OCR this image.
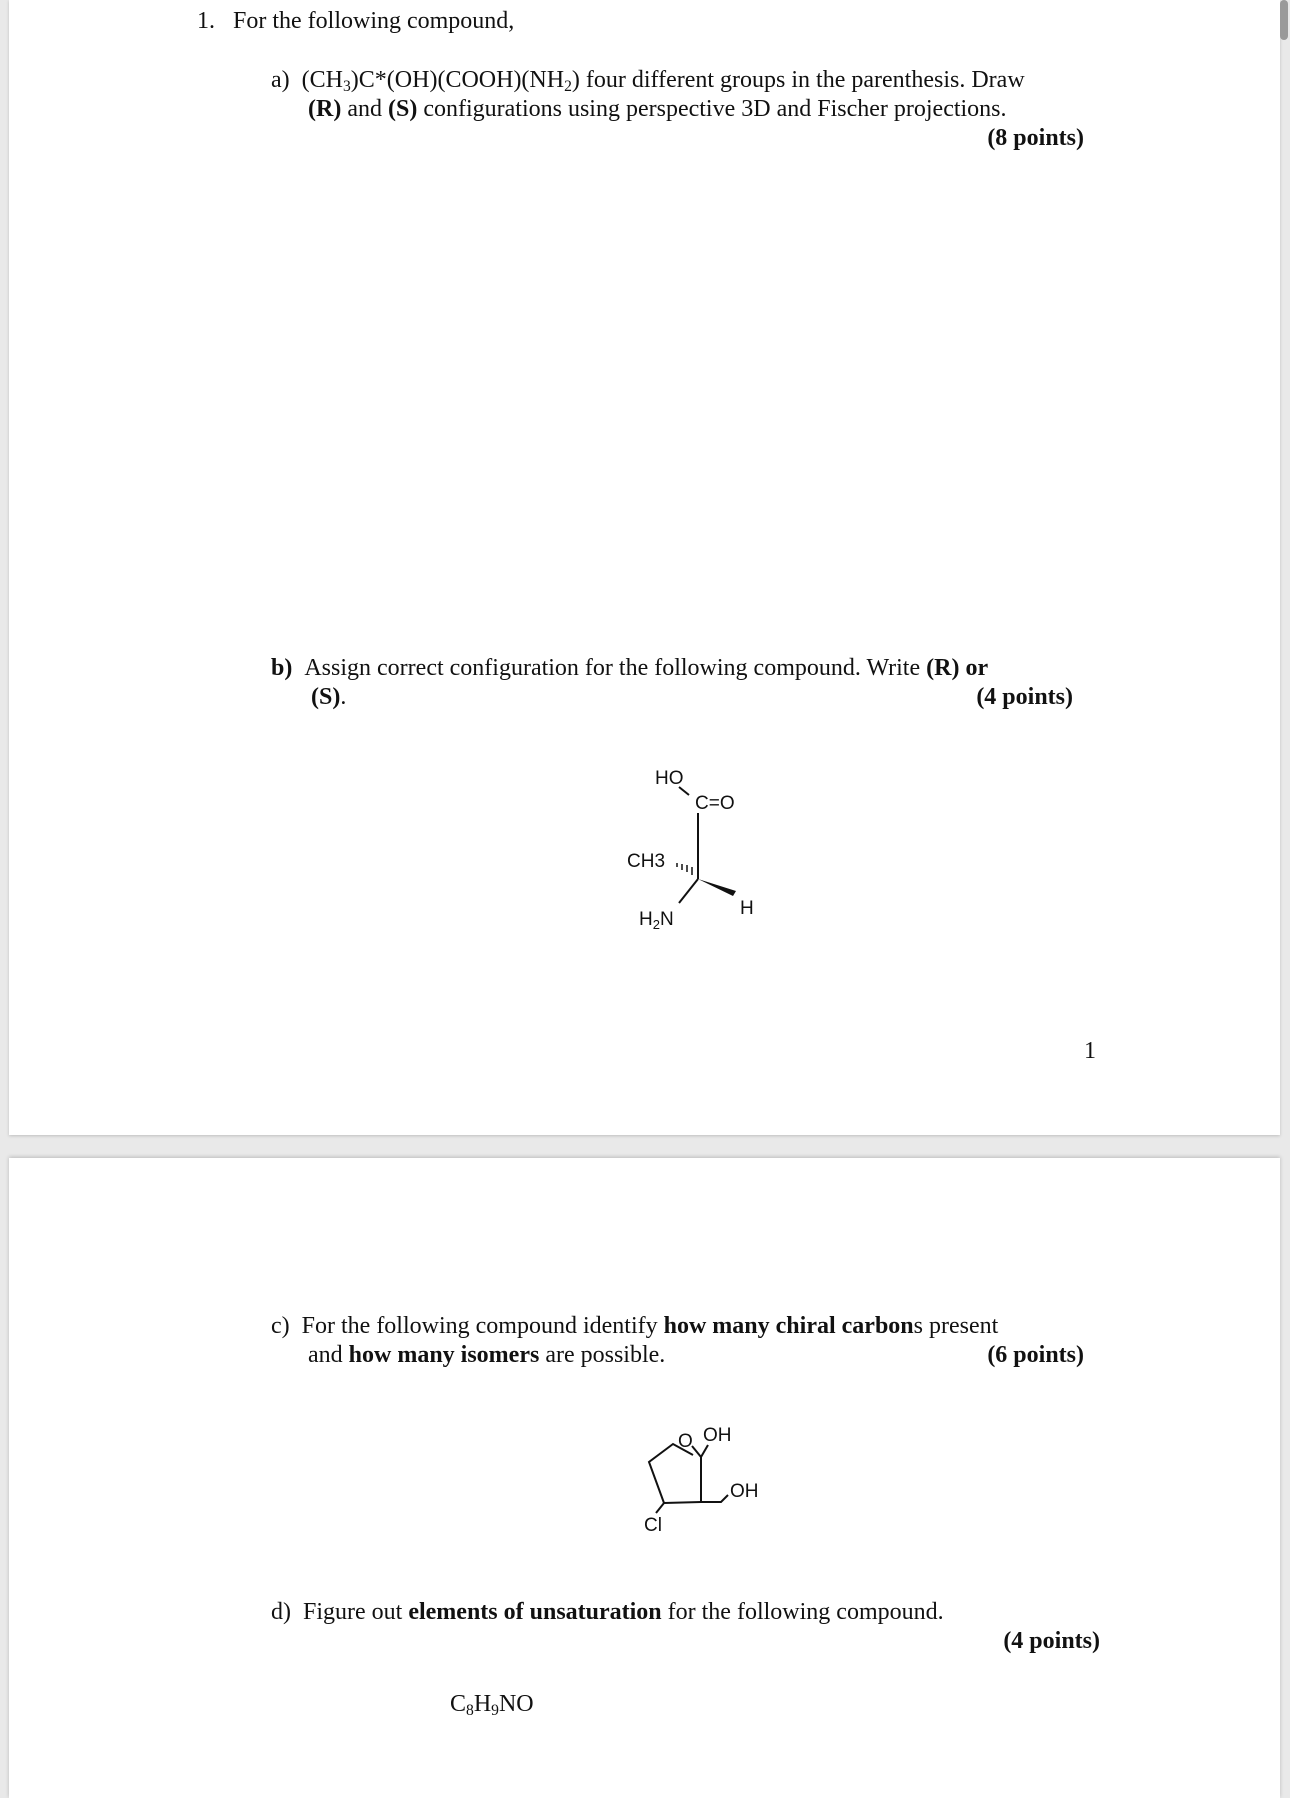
1. For the following compound,
a) $(CH_3)C*(OH)(COOH)(NH_2)$ four different groups in the parenthesis. Draw
(R) and (S) configurations using perspective 3D and Fischer projections.
(8 points)
b) Assign correct configuration for the following compound. Write (R) or
(S).	(4 points)
HO
C=O
CH3
H
$H_2N$
1
c) For the following compound identify how many chiral carbons present
and how many isomers are possible.	(6 points)
O OH
OH
Cl
d) Figure out elements of unsaturation for the following compound.
(4 points)
$C_8H_9NO$
